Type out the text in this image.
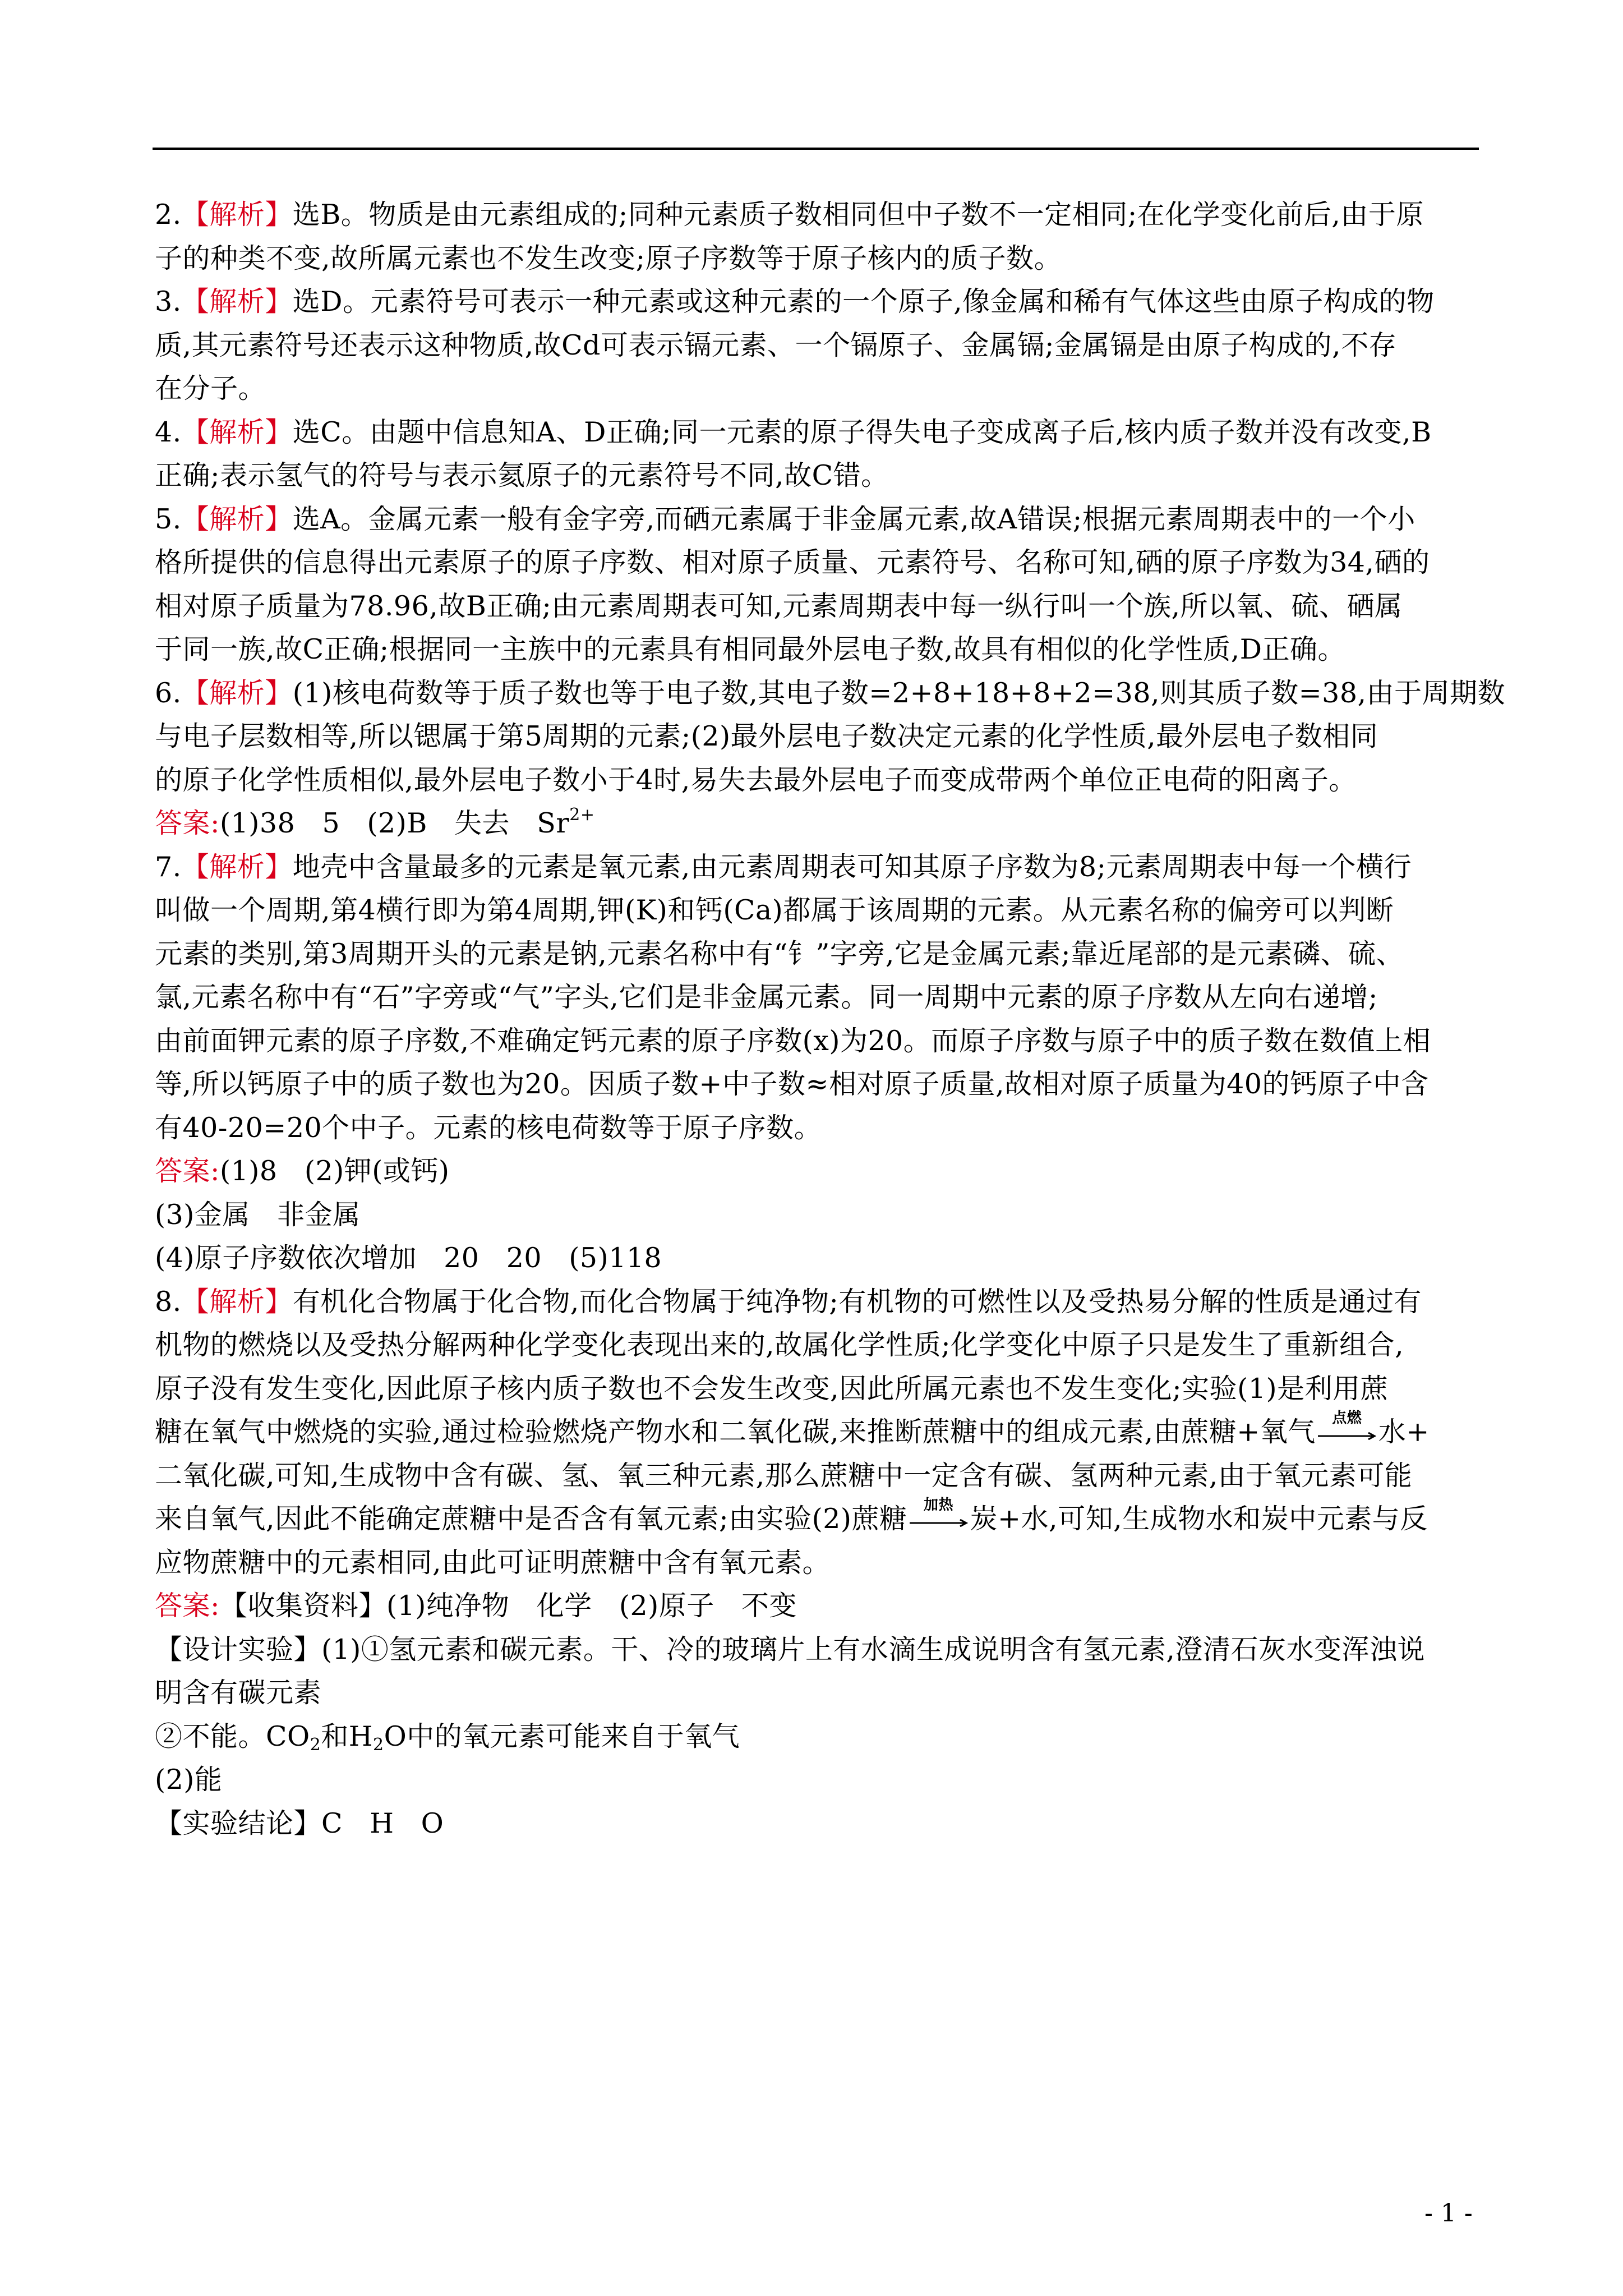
2.【解析】选B。物质是由元素组成的;同种元素质子数相同但中子数不一定相同;在化学变化前后,由于原
子的种类不变,故所属元素也不发生改变;原子序数等于原子核内的质子数。
3.【解析】选D。元素符号可表示一种元素或这种元素的一个原子,像金属和稀有气体这些由原子构成的物
质,其元素符号还表示这种物质,故Cd可表示镉元素、一个镉原子、金属镉;金属镉是由原子构成的,不存
在分子。
4.【解析】选C。由题中信息知A、D正确;同一元素的原子得失电子变成离子后,核内质子数并没有改变,B
正确;表示氢气的符号与表示氦原子的元素符号不同,故C错。
5.【解析】选A。金属元素一般有金字旁,而硒元素属于非金属元素,故A错误;根据元素周期表中的一个小
格所提供的信息得出元素原子的原子序数、相对原子质量、元素符号、名称可知,硒的原子序数为34,硒的
相对原子质量为78.96,故B正确;由元素周期表可知,元素周期表中每一纵行叫一个族,所以氧、硫、硒属
于同一族,故C正确;根据同一主族中的元素具有相同最外层电子数,故具有相似的化学性质,D正确。
6.【解析】(1)核电荷数等于质子数也等于电子数,其电子数=2+8+18+8+2=38,则其质子数=38,由于周期数
与电子层数相等,所以锶属于第5周期的元素;(2)最外层电子数决定元素的化学性质,最外层电子数相同
的原子化学性质相似,最外层电子数小于4时,易失去最外层电子而变成带两个单位正电荷的阳离子。
答案:(1)38   5   (2)B   失去   $Sr^{2+}$
7.【解析】地壳中含量最多的元素是氧元素,由元素周期表可知其原子序数为8;元素周期表中每一个横行
叫做一个周期,第4横行即为第4周期,钾(K)和钙(Ca)都属于该周期的元素。从元素名称的偏旁可以判断
元素的类别,第3周期开头的元素是钠,元素名称中有“钅”字旁,它是金属元素;靠近尾部的是元素磷、硫、
氯,元素名称中有“石”字旁或“气”字头,它们是非金属元素。同一周期中元素的原子序数从左向右递增;
由前面钾元素的原子序数,不难确定钙元素的原子序数(x)为20。而原子序数与原子中的质子数在数值上相
等,所以钙原子中的质子数也为20。因质子数+中子数≈相对原子质量,故相对原子质量为40的钙原子中含
有40-20=20个中子。元素的核电荷数等于原子序数。
答案:(1)8   (2)钾(或钙)
(3)金属   非金属
(4)原子序数依次增加   20   20   (5)118
8.【解析】有机化合物属于化合物,而化合物属于纯净物;有机物的可燃性以及受热易分解的性质是通过有
机物的燃烧以及受热分解两种化学变化表现出来的,故属化学性质;化学变化中原子只是发生了重新组合,
原子没有发生变化,因此原子核内质子数也不会发生改变,因此所属元素也不发生变化;实验(1)是利用蔗
糖在氧气中燃烧的实验,通过检验燃烧产物水和二氧化碳,来推断蔗糖中的组成元素,由蔗糖+氧气	点燃 水+
二氧化碳,可知,生成物中含有碳、氢、氧三种元素,那么蔗糖中一定含有碳、氢两种元素,由于氧元素可能
来自氧气,因此不能确定蔗糖中是否含有氧元素;由实验(2)蔗糖	加热 炭+水,可知,生成物水和炭中元素与反
应物蔗糖中的元素相同,由此可证明蔗糖中含有氧元素。
答案:【收集资料】(1)纯净物   化学   (2)原子   不变
【设计实验】(1)①氢元素和碳元素。干、冷的玻璃片上有水滴生成说明含有氢元素,澄清石灰水变浑浊说
明含有碳元素
②不能。$CO_2$和$H_2O$中的氧元素可能来自于氧气
(2)能
【实验结论】C   H   O
- 1 -
